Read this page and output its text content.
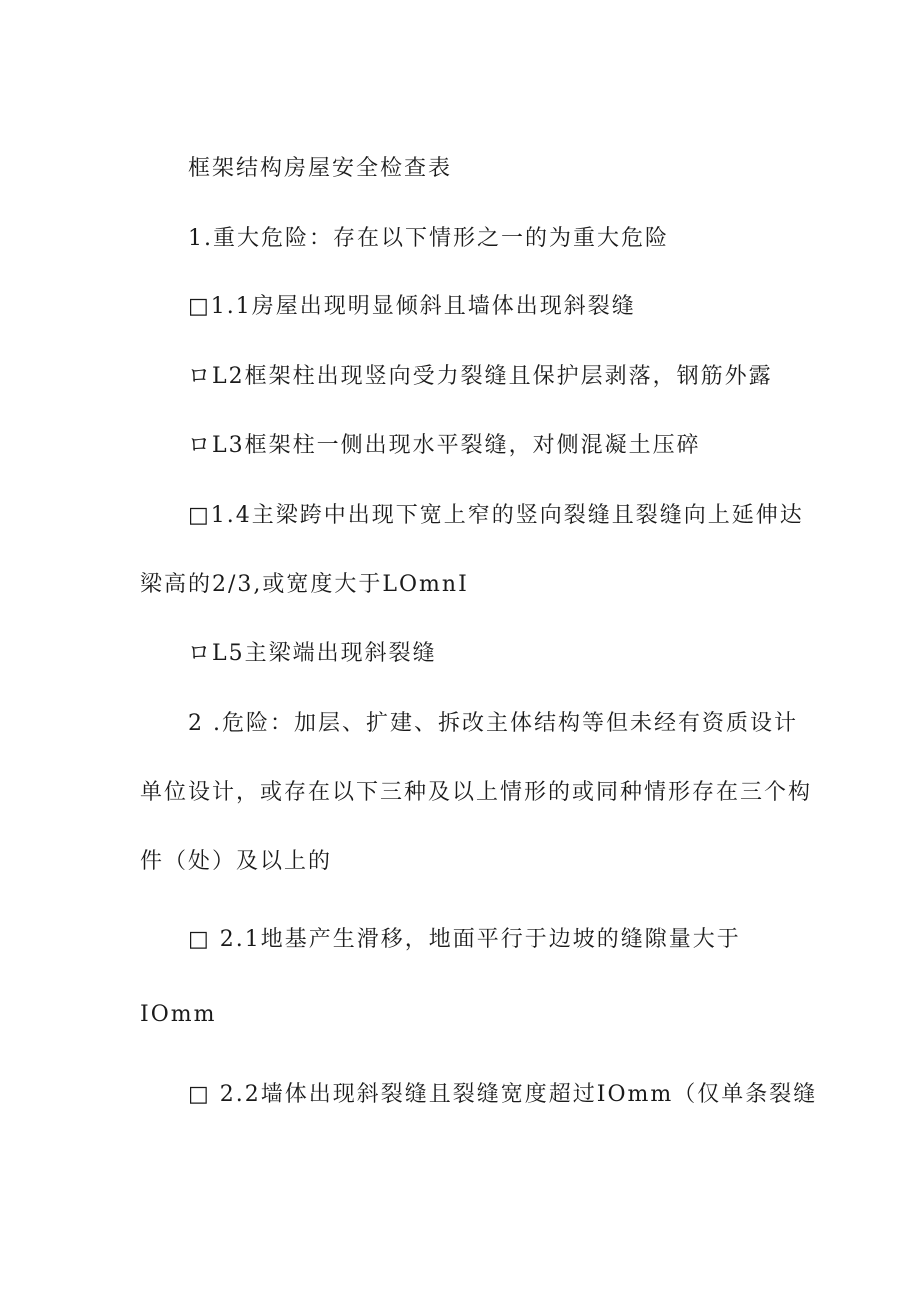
框架结构房屋安全检查表
1.重大危险：存在以下情形之一的为重大危险
□1.1房屋出现明显倾斜且墙体出现斜裂缝
ロL2框架柱出现竖向受力裂缝且保护层剥落，钢筋外露
ロL3框架柱一侧出现水平裂缝，对侧混凝土压碎
□1.4主梁跨中出现下宽上窄的竖向裂缝且裂缝向上延伸达
梁高的2/3,或宽度大于LOmnI
ロL5主梁端出现斜裂缝
2 .危险：加层、扩建、拆改主体结构等但未经有资质设计
单位设计，或存在以下三种及以上情形的或同种情形存在三个构
件（处）及以上的
□ 2.1地基产生滑移，地面平行于边坡的缝隙量大于
IOmm
□ 2.2墙体出现斜裂缝且裂缝宽度超过IOmm（仅单条裂缝
